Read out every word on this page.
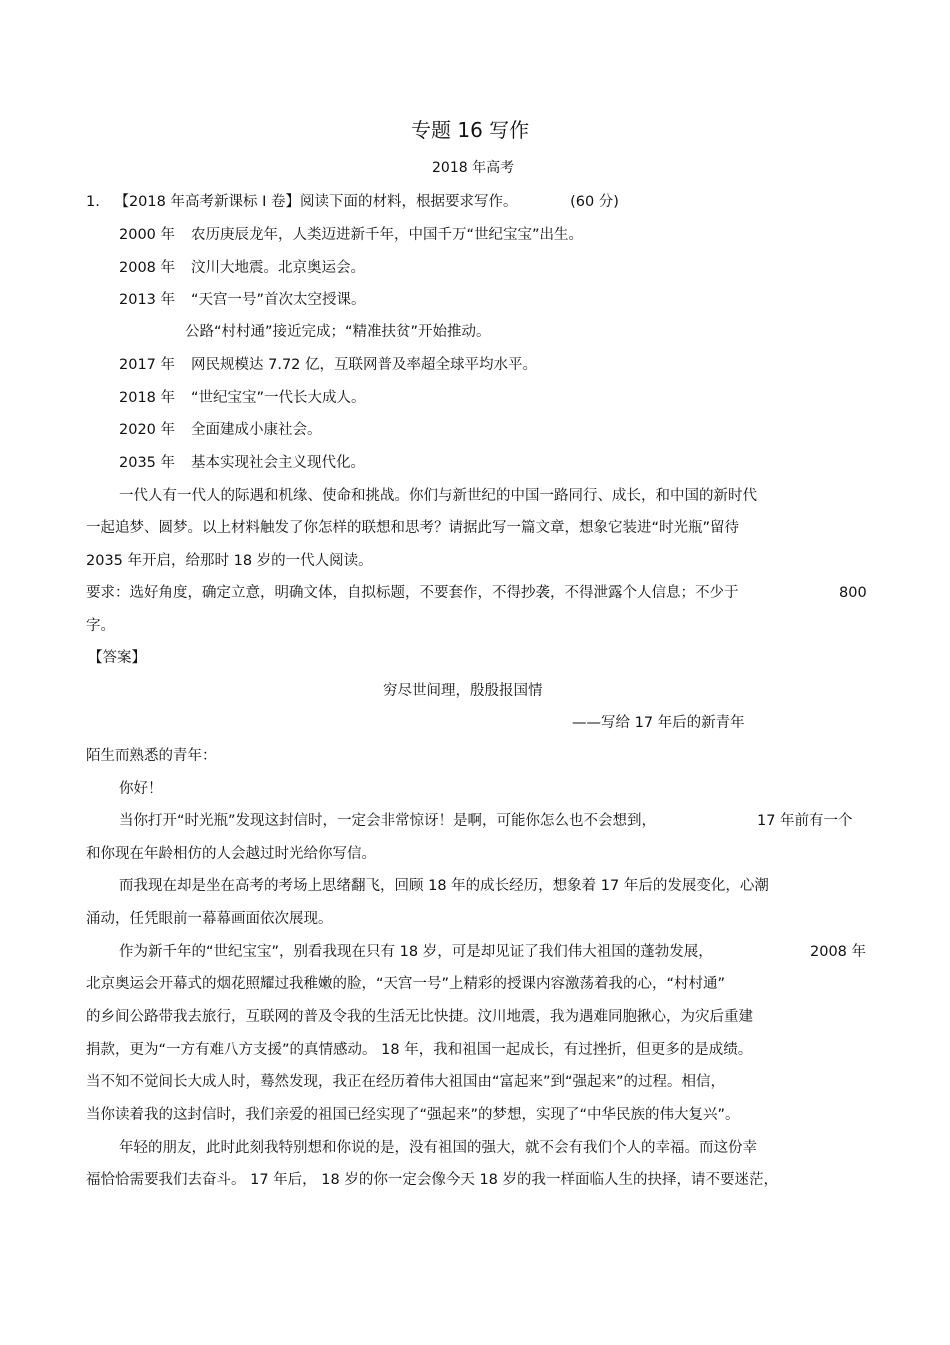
专题 16 写作
2018 年高考
1. 【2018 年高考新课标 I 卷】阅读下面的材料，根据要求写作。	(60 分)
2000 年 农历庚辰龙年，人类迈进新千年，中国千万“世纪宝宝”出生。
2008 年 汶川大地震。北京奥运会。
2013 年 “天宫一号”首次太空授课。
公路“村村通”接近完成；“精准扶贫”开始推动。
2017 年 网民规模达 7.72 亿，互联网普及率超全球平均水平。
2018 年 “世纪宝宝”一代长大成人。
2020 年 全面建成小康社会。
2035 年 基本实现社会主义现代化。
一代人有一代人的际遇和机缘、使命和挑战。你们与新世纪的中国一路同行、成长，和中国的新时代
一起追梦、圆梦。以上材料触发了你怎样的联想和思考？请据此写一篇文章，想象它装进“时光瓶”留待
2035 年开启，给那时 18 岁的一代人阅读。
要求：选好角度，确定立意，明确文体，自拟标题，不要套作，不得抄袭，不得泄露个人信息；不少于	800
字。
【答案】
穷尽世间理，殷殷报国情
——写给 17 年后的新青年
陌生而熟悉的青年：
你好！
当你打开“时光瓶”发现这封信时，一定会非常惊讶！是啊，可能你怎么也不会想到，	17 年前有一个
和你现在年龄相仿的人会越过时光给你写信。
而我现在却是坐在高考的考场上思绪翻飞，回顾 18 年的成长经历，想象着 17 年后的发展变化，心潮
涌动，任凭眼前一幕幕画面依次展现。
作为新千年的“世纪宝宝”，别看我现在只有 18 岁，可是却见证了我们伟大祖国的蓬勃发展，	2008 年
北京奥运会开幕式的烟花照耀过我稚嫩的脸，“天宫一号”上精彩的授课内容激荡着我的心，“村村通”
的乡间公路带我去旅行，互联网的普及令我的生活无比快捷。汶川地震，我为遇难同胞揪心，为灾后重建
捐款，更为“一方有难八方支援”的真情感动。 18 年，我和祖国一起成长，有过挫折，但更多的是成绩。
当不知不觉间长大成人时，蓦然发现，我正在经历着伟大祖国由“富起来”到“强起来”的过程。相信，
当你读着我的这封信时，我们亲爱的祖国已经实现了“强起来”的梦想，实现了“中华民族的伟大复兴”。
年轻的朋友，此时此刻我特别想和你说的是，没有祖国的强大，就不会有我们个人的幸福。而这份幸
福恰恰需要我们去奋斗。 17 年后， 18 岁的你一定会像今天 18 岁的我一样面临人生的抉择，请不要迷茫，
